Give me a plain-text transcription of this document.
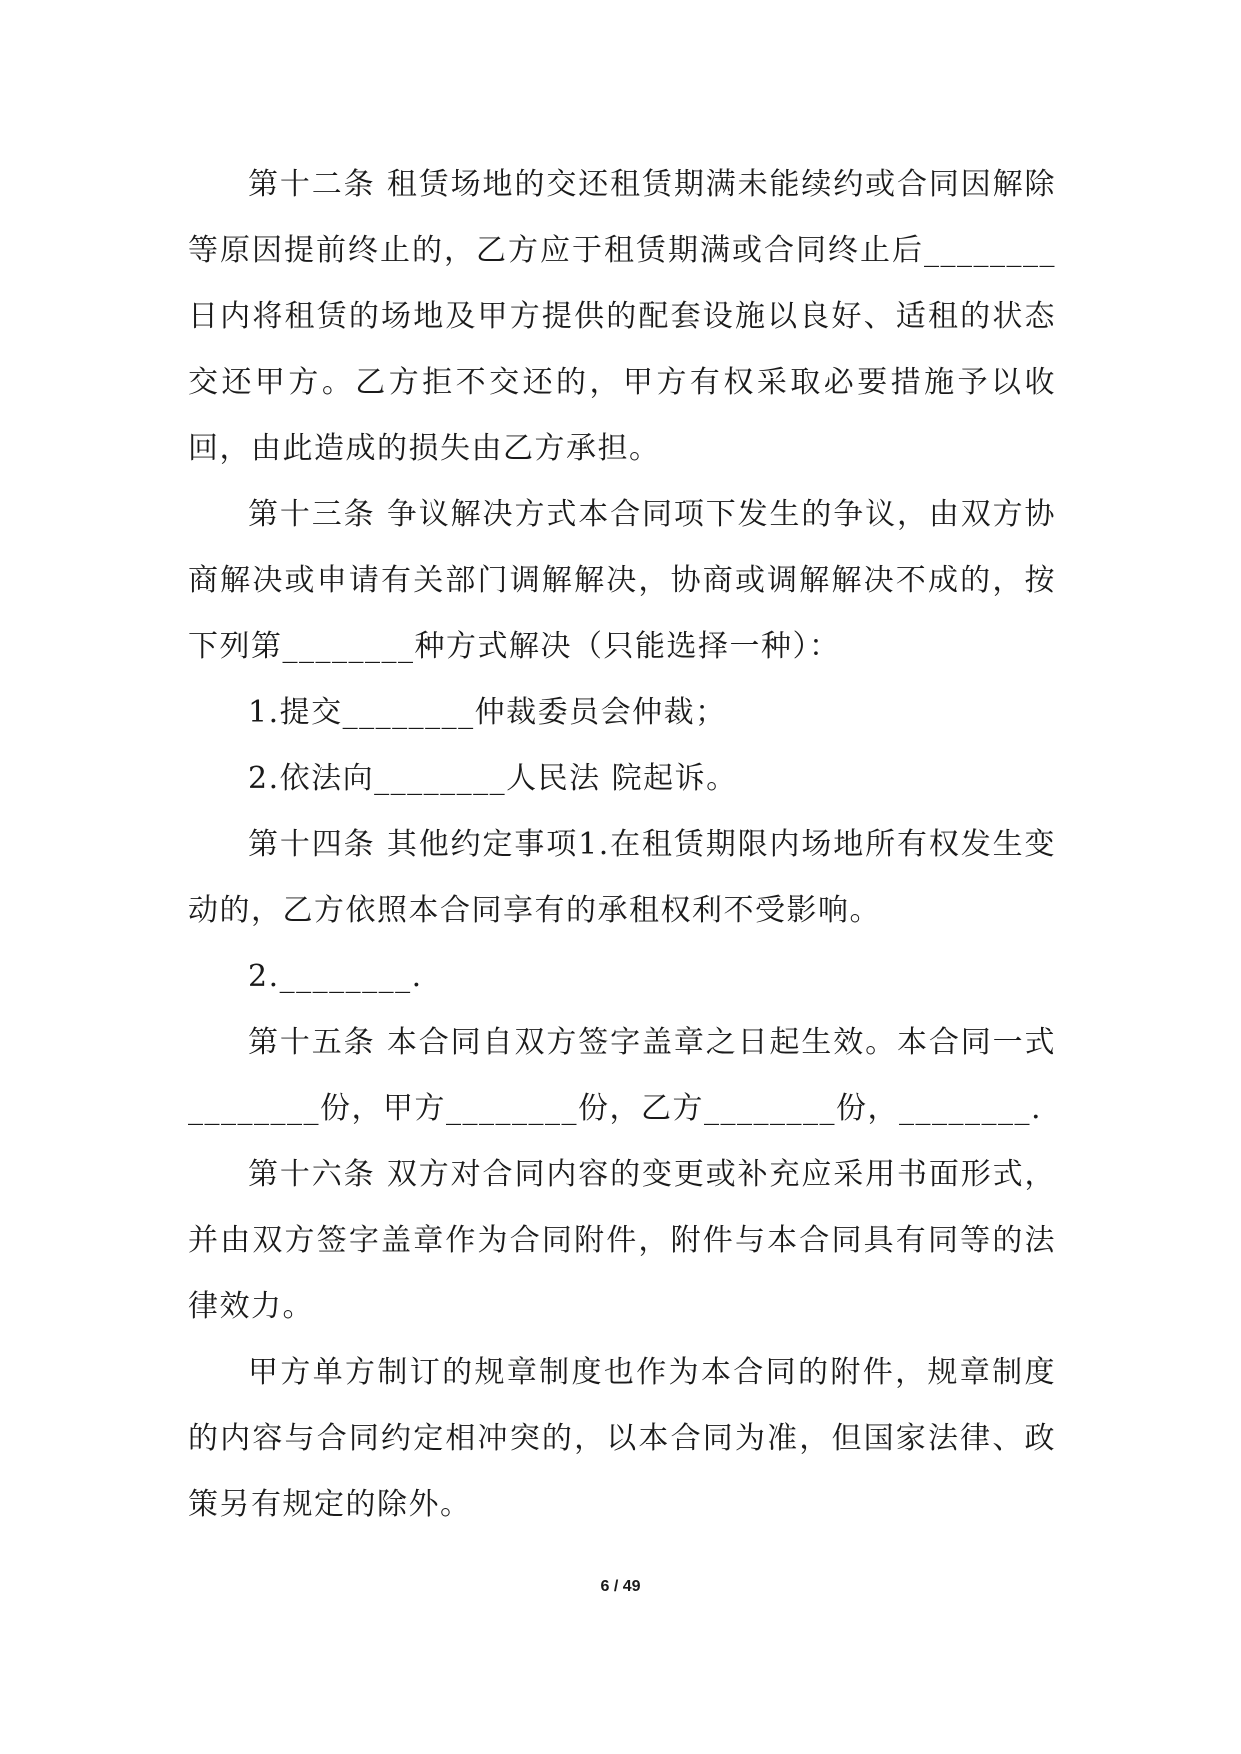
第十二条 租赁场地的交还租赁期满未能续约或合同因解除等原因提前终止的，乙方应于租赁期满或合同终止后________日内将租赁的场地及甲方提供的配套设施以良好、适租的状态交还甲方。乙方拒不交还的，甲方有权采取必要措施予以收回，由此造成的损失由乙方承担。

第十三条 争议解决方式本合同项下发生的争议，由双方协商解决或申请有关部门调解解决，协商或调解解决不成的，按下列第________种方式解决（只能选择一种）：

1.提交________仲裁委员会仲裁；

2.依法向________人民法 院起诉。

第十四条 其他约定事项1.在租赁期限内场地所有权发生变动的，乙方依照本合同享有的承租权利不受影响。

2.________.

第十五条 本合同自双方签字盖章之日起生效。本合同一式________份，甲方________份，乙方________份，________.

第十六条 双方对合同内容的变更或补充应采用书面形式，并由双方签字盖章作为合同附件，附件与本合同具有同等的法律效力。

甲方单方制订的规章制度也作为本合同的附件，规章制度的内容与合同约定相冲突的，以本合同为准，但国家法律、政策另有规定的除外。

6 / 49
